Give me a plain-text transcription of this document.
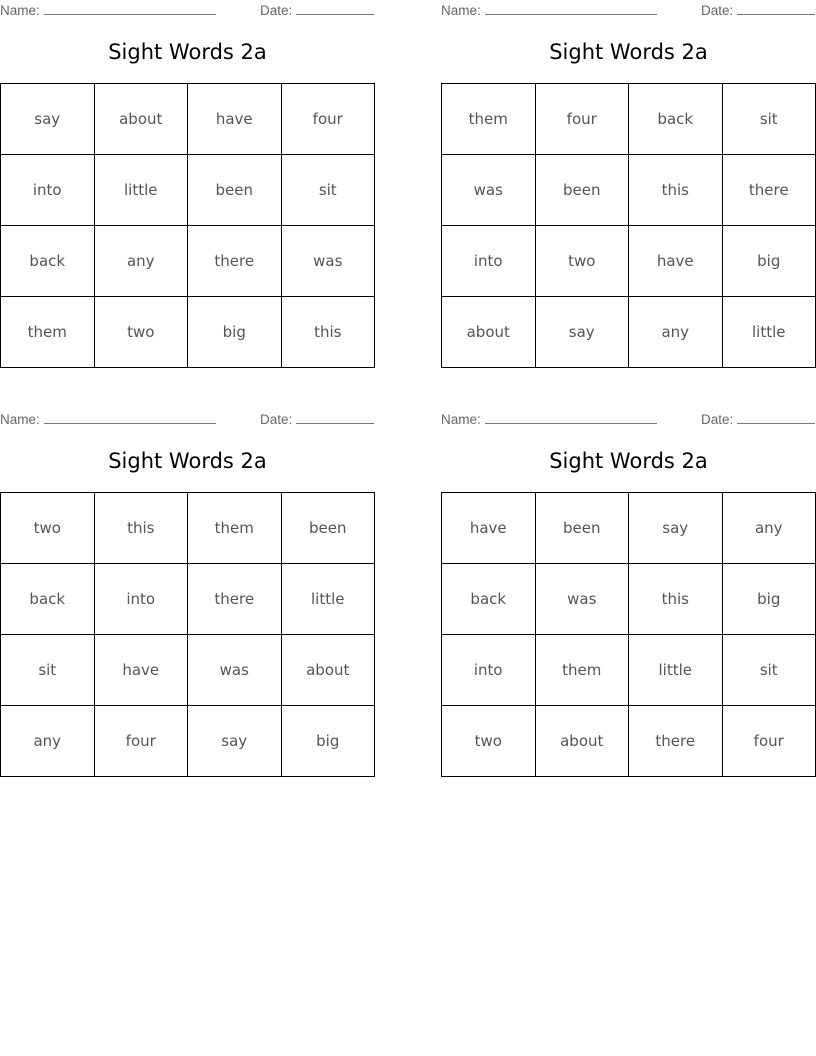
Name:	Date:
Sight Words 2a
say	about	have	four
into	little	been	sit
back	any	there	was
them	two	big	this
Name:	Date:
Sight Words 2a
them	four	back	sit
was	been	this	there
into	two	have	big
about	say	any	little
Name:	Date:
Sight Words 2a
two	this	them	been
back	into	there	little
sit	have	was	about
any	four	say	big
Name:	Date:
Sight Words 2a
have	been	say	any
back	was	this	big
into	them	little	sit
two	about	there	four
